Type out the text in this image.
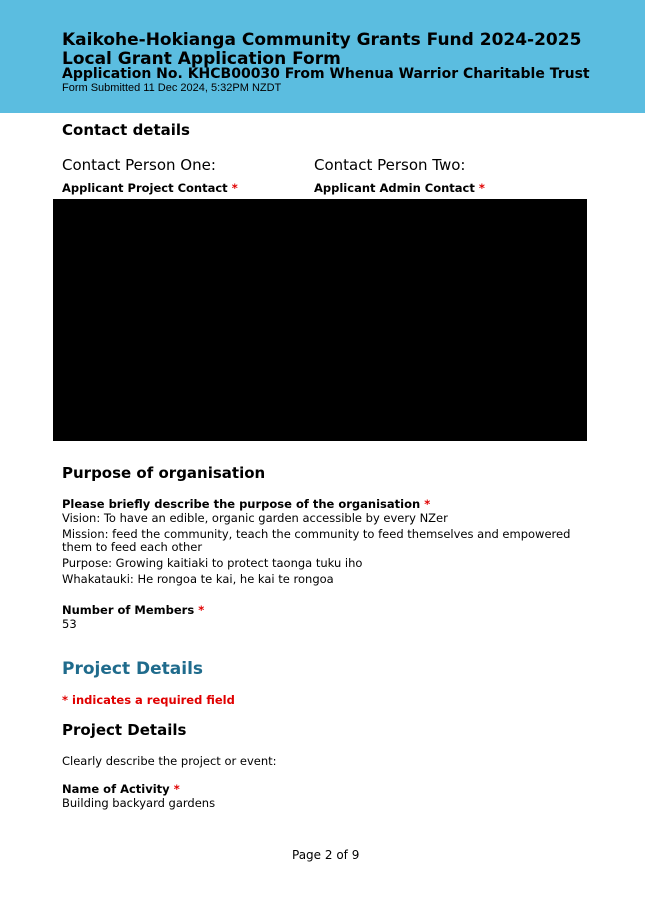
Kaikohe-Hokianga Community Grants Fund 2024-2025

Local Grant Application Form

Application No. KHCB00030 From Whenua Warrior Charitable Trust

Form Submitted 11 Dec 2024, 5:32PM NZDT

Contact details

Contact Person One:	Contact Person Two:

Applicant Project Contact *	Applicant Admin Contact *

Purpose of organisation

Please briefly describe the purpose of the organisation *

Vision: To have an edible, organic garden accessible by every NZer

Mission: feed the community, teach the community to feed themselves and empowered

them to feed each other

Purpose: Growing kaitiaki to protect taonga tuku iho

Whakatauki: He rongoa te kai, he kai te rongoa

Number of Members *

53

Project Details

* indicates a required field

Project Details

Clearly describe the project or event:

Name of Activity *

Building backyard gardens

Page 2 of 9
